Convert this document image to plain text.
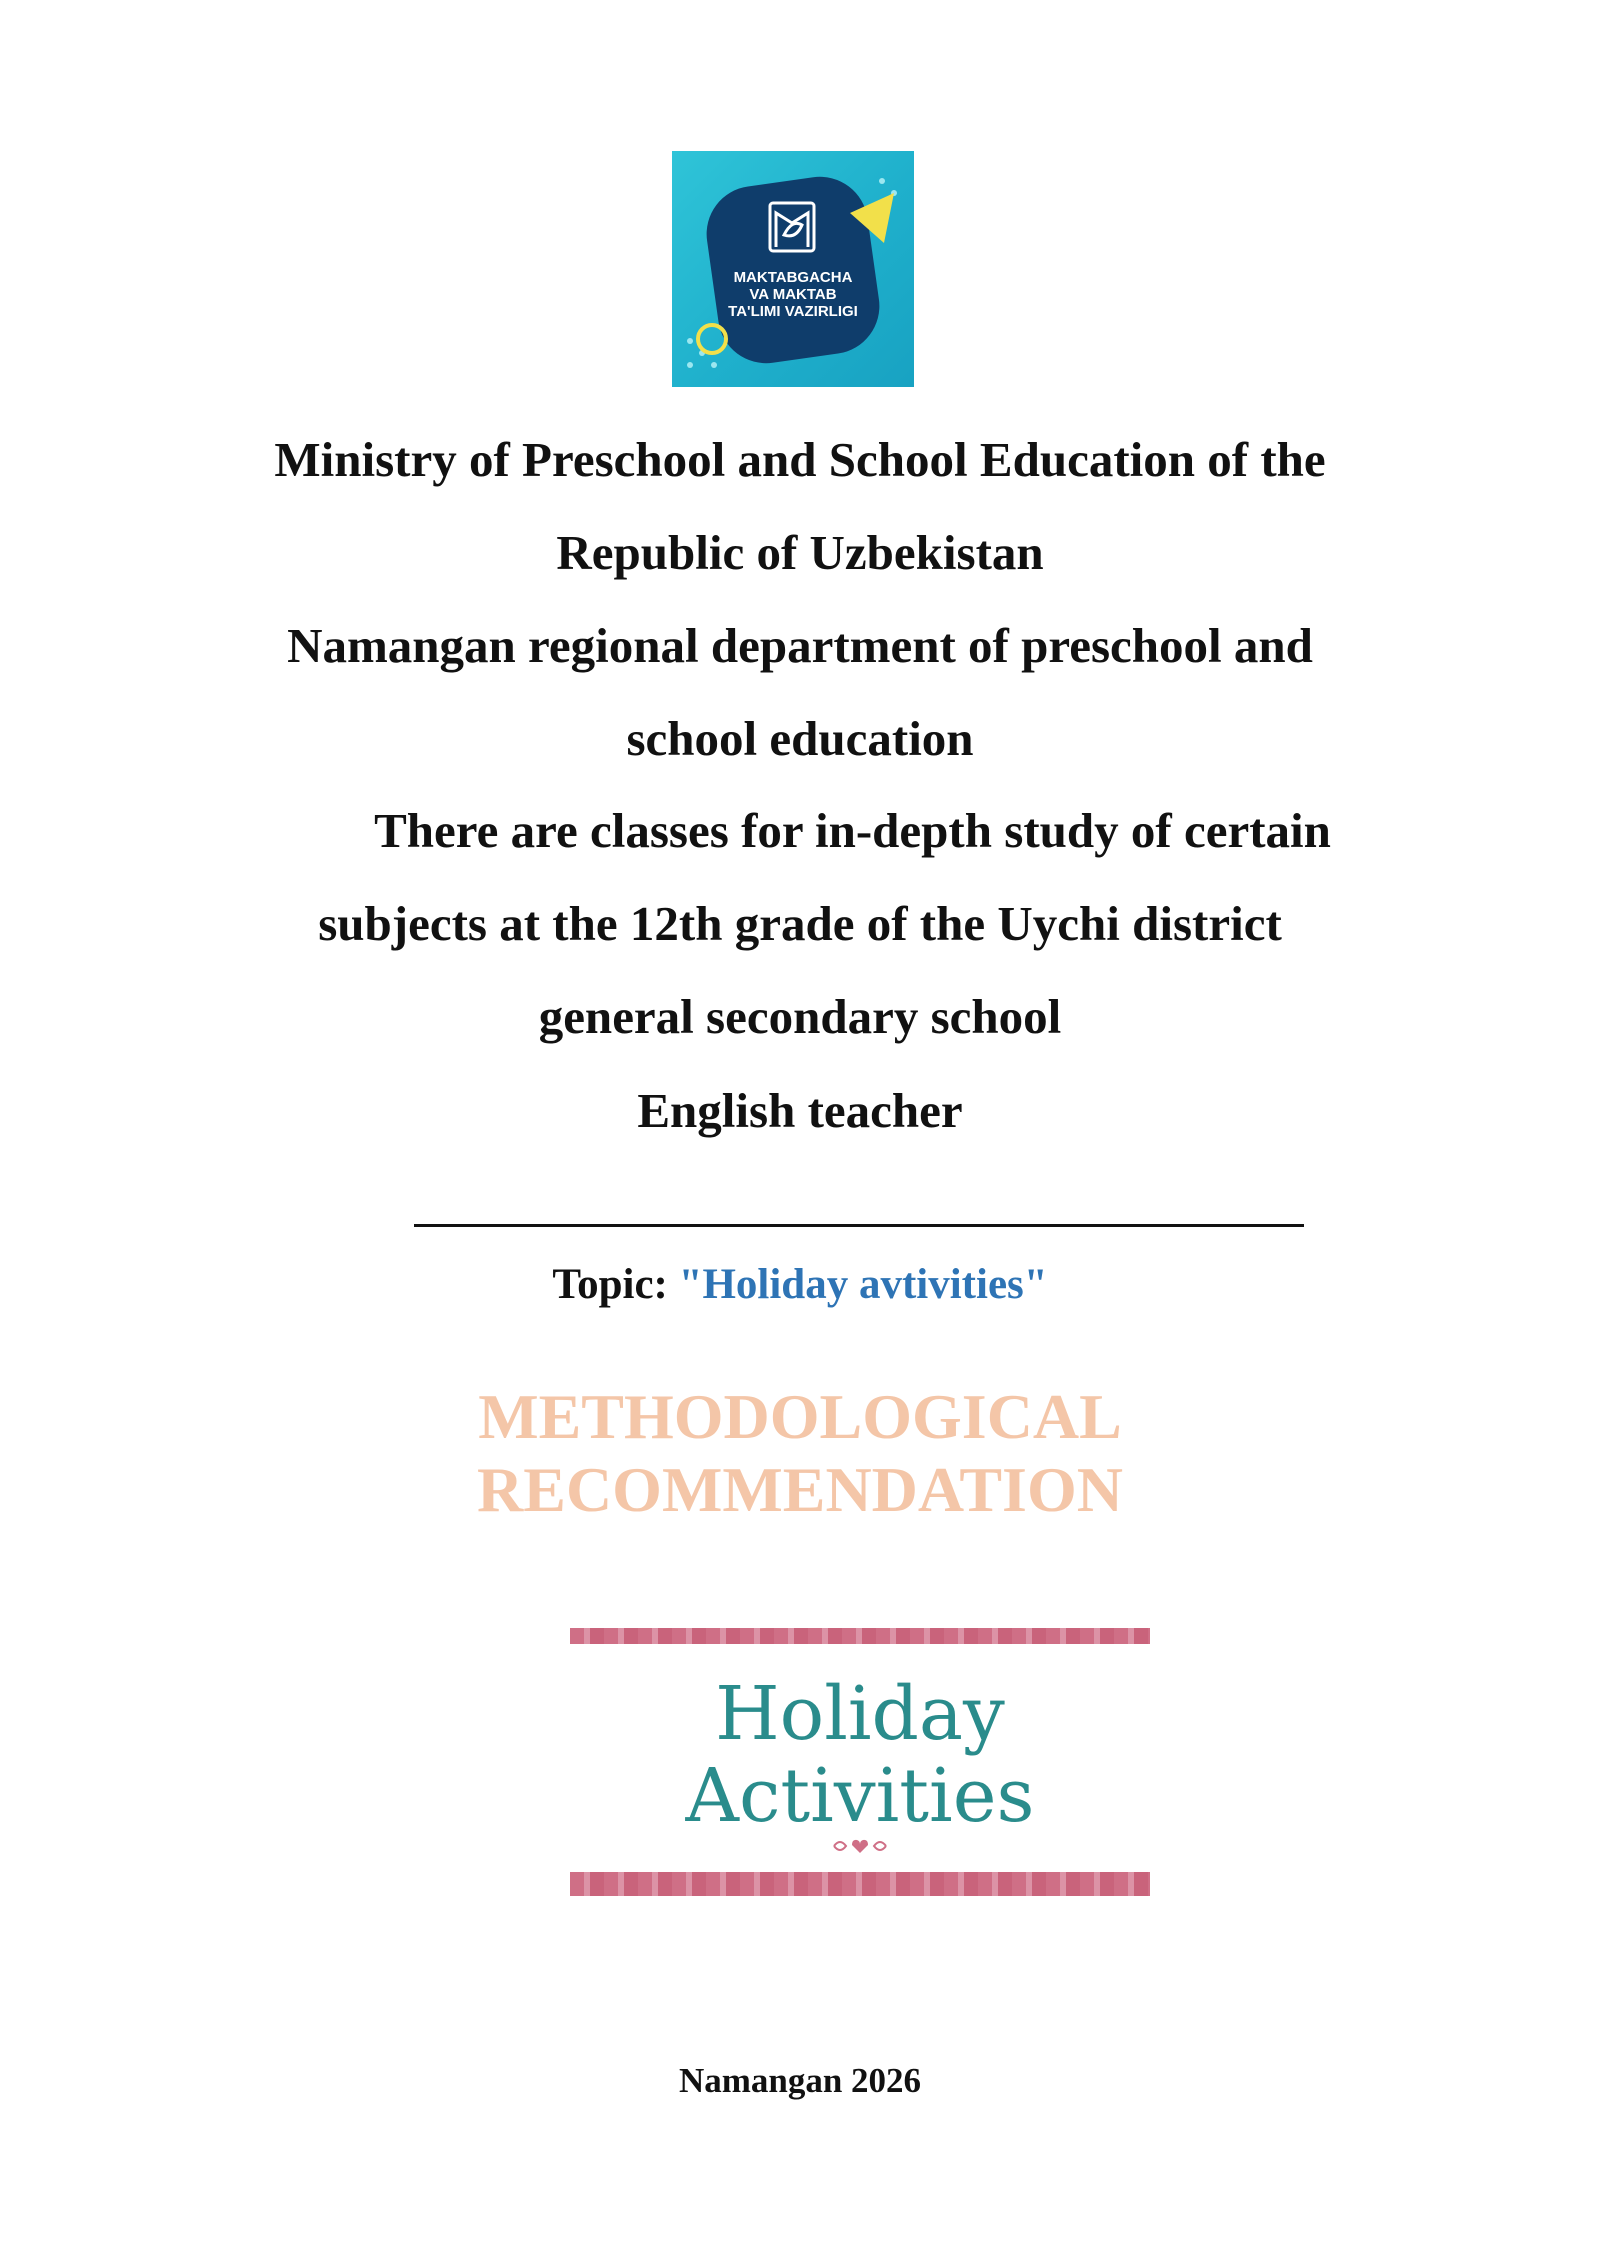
MAKTABGACHA
VA MAKTAB
TA'LIMI VAZIRLIGI
Ministry of Preschool and School Education of the
Republic of Uzbekistan
Namangan regional department of preschool and
school education
There are classes for in-depth study of certain
subjects at the 12th grade of the Uychi district
general secondary school
English teacher
Topic: "Holiday avtivities"
METHODOLOGICAL
RECOMMENDATION
Holiday
Activities
Namangan 2026
